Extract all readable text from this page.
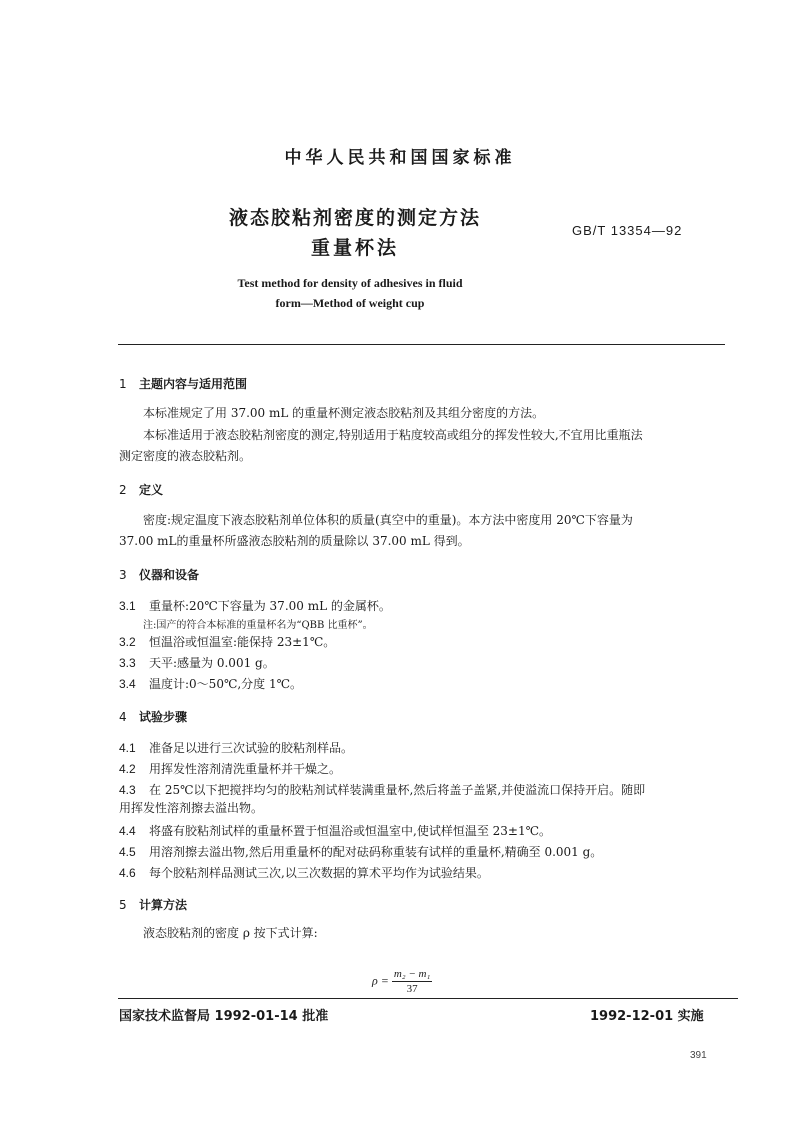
中华人民共和国国家标准
液态胶粘剂密度的测定方法
重量杯法
GB/T 13354—92
Test method for density of adhesives in fluid
form—Method of weight cup
1 主题内容与适用范围
本标准规定了用 37.00 mL 的重量杯测定液态胶粘剂及其组分密度的方法。
本标准适用于液态胶粘剂密度的测定,特别适用于粘度较高或组分的挥发性较大,不宜用比重瓶法
测定密度的液态胶粘剂。
2 定义
密度:规定温度下液态胶粘剂单位体积的质量(真空中的重量)。本方法中密度用 20℃下容量为
37.00 mL的重量杯所盛液态胶粘剂的质量除以 37.00 mL 得到。
3 仪器和设备
3.1 重量杯:20℃下容量为 37.00 mL 的金属杯。
注:国产的符合本标准的重量杯名为“QBB 比重杯”。
3.2 恒温浴或恒温室:能保持 23±1℃。
3.3 天平:感量为 0.001 g。
3.4 温度计:0～50℃,分度 1℃。
4 试验步骤
4.1 准备足以进行三次试验的胶粘剂样品。
4.2 用挥发性溶剂清洗重量杯并干燥之。
4.3 在 25℃以下把搅拌均匀的胶粘剂试样装满重量杯,然后将盖子盖紧,并使溢流口保持开启。随即
用挥发性溶剂擦去溢出物。
4.4 将盛有胶粘剂试样的重量杯置于恒温浴或恒温室中,使试样恒温至 23±1℃。
4.5 用溶剂擦去溢出物,然后用重量杯的配对砝码称重装有试样的重量杯,精确至 0.001 g。
4.6 每个胶粘剂样品测试三次,以三次数据的算术平均作为试验结果。
5 计算方法
液态胶粘剂的密度 ρ 按下式计算:
$\rho = \frac{\text{m₂ − m₁}}{37}$
国家技术监督局 1992-01-14 批准	1992-12-01 实施
391
